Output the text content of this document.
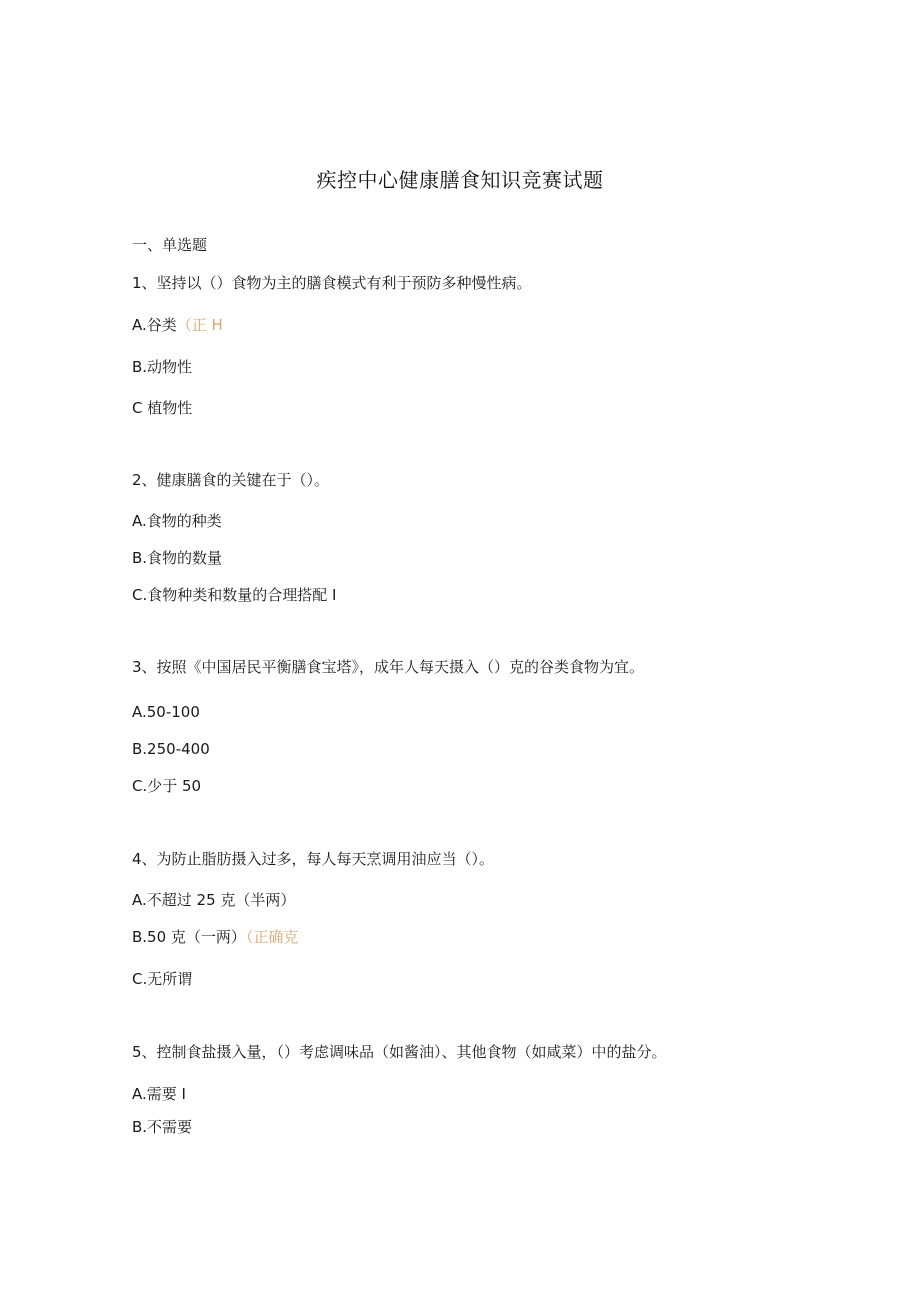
疾控中心健康膳食知识竞赛试题
一、单选题
1、坚持以（）食物为主的膳食模式有利于预防多种慢性病。
A.谷类（正 H
B.动物性
C 植物性
2、健康膳食的关键在于（）。
A.食物的种类
B.食物的数量
C.食物种类和数量的合理搭配 I
3、按照《中国居民平衡膳食宝塔》，成年人每天摄入（）克的谷类食物为宜。
A.50-100
B.250-400
C.少于 50
4、为防止脂肪摄入过多，每人每天烹调用油应当（）。
A.不超过 25 克（半两）
B.50 克（一两）（正确克
C.无所谓
5、控制食盐摄入量，（）考虑调味品（如酱油）、其他食物（如咸菜）中的盐分。
A.需要 I
B.不需要
